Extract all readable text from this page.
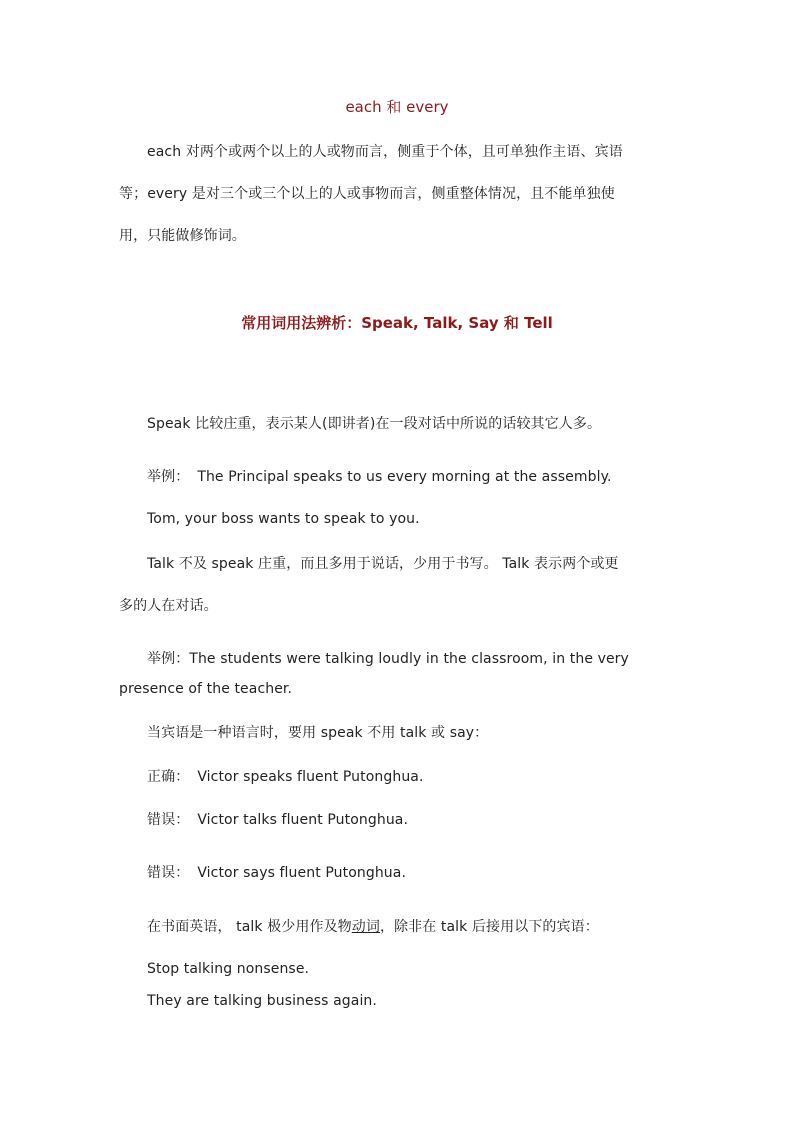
each 和 every

each 对两个或两个以上的人或物而言，侧重于个体，且可单独作主语、宾语

等；every 是对三个或三个以上的人或事物而言，侧重整体情况，且不能单独使

用，只能做修饰词。

常用词用法辨析：Speak, Talk, Say 和 Tell

Speak 比较庄重，表示某人(即讲者)在一段对话中所说的话较其它人多。

举例： The Principal speaks to us every morning at the assembly.

Tom, your boss wants to speak to you.

Talk 不及 speak 庄重，而且多用于说话，少用于书写。 Talk 表示两个或更

多的人在对话。

举例：The students were talking loudly in the classroom, in the very

presence of the teacher.

当宾语是一种语言时，要用 speak 不用 talk 或 say：

正确： Victor speaks fluent Putonghua.

错误： Victor talks fluent Putonghua.

错误： Victor says fluent Putonghua.

在书面英语， talk 极少用作及物动词，除非在 talk 后接用以下的宾语：

Stop talking nonsense.

They are talking business again.
